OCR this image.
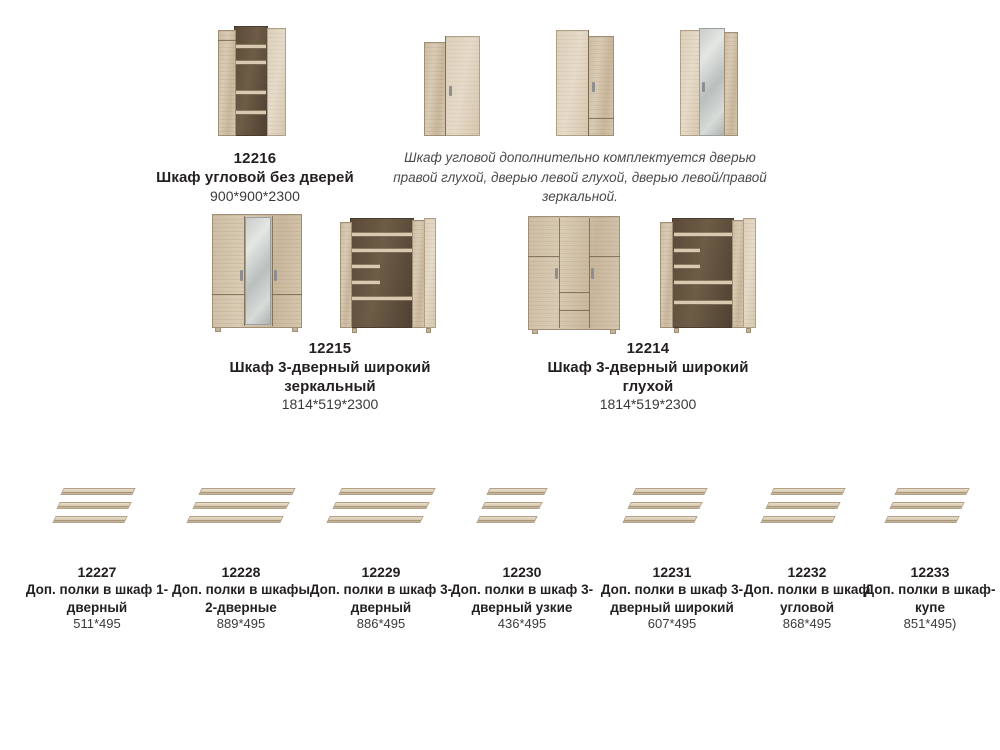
12216
Шкаф угловой без дверей 900*900*2300
Шкаф угловой дополнительно комплектуется дверью правой глухой, дверью левой глухой, дверью левой/правой зеркальной.
12215
Шкаф 3-дверный широкий зеркальный
1814*519*2300
12214
Шкаф 3-дверный широкий глухой
1814*519*2300
12227
Доп. полки в шкаф 1-дверный
511*495
12228
Доп. полки в шкафы 2-дверные
889*495
12229
Доп. полки в шкаф 3-дверный
886*495
12230
Доп. полки в шкаф 3-дверный узкие
436*495
12231
Доп. полки в шкаф 3-дверный широкий
607*495
12232
Доп. полки в шкаф угловой
868*495
12233
Доп. полки в шкаф-купе
851*495)
